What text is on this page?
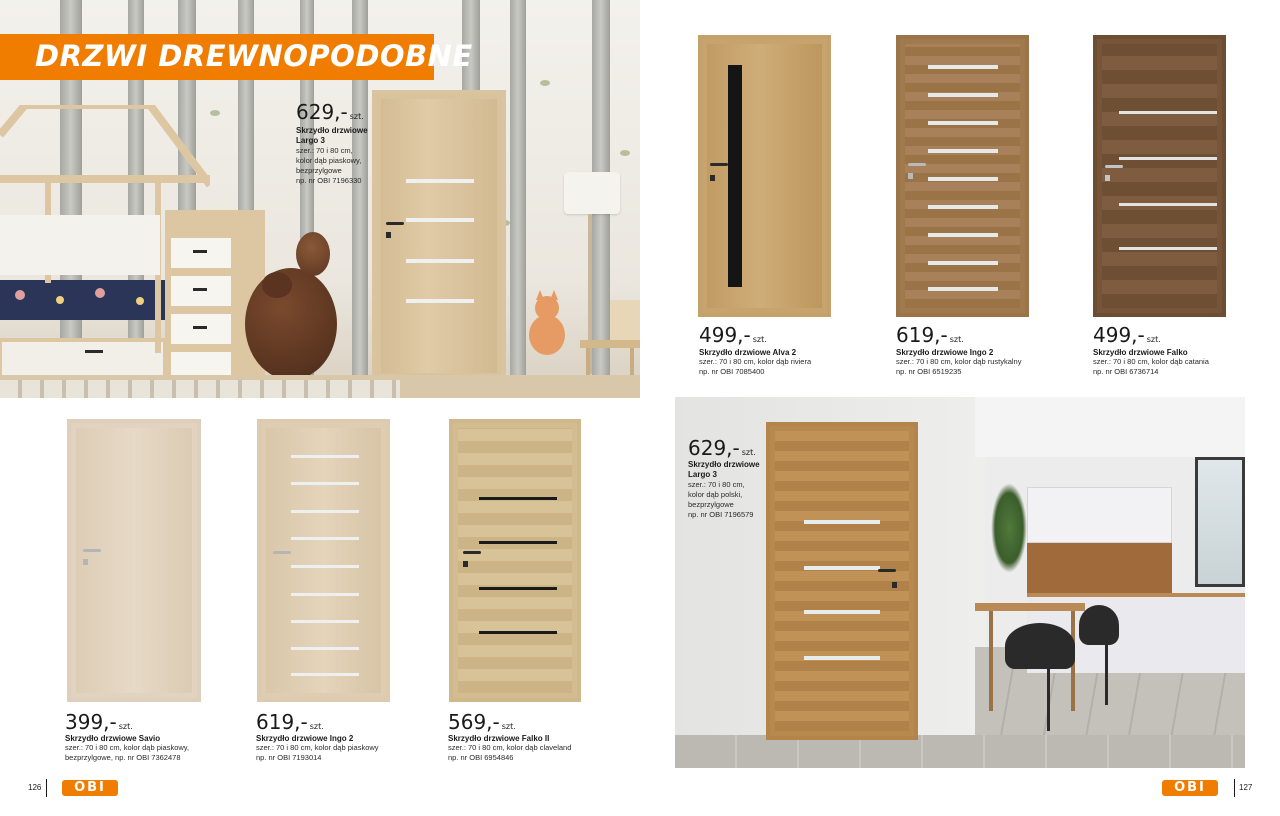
DRZWI DREWNOPODOBNE
629,- szt.
Skrzydło drzwiowe
Largo 3
szer.: 70 i 80 cm,
kolor dąb piaskowy,
bezprzylgowe
np. nr OBI 7196330
499,- szt.
Skrzydło drzwiowe Alva 2
szer.: 70 i 80 cm, kolor dąb riviera
np. nr OBI 7085400
619,- szt.
Skrzydło drzwiowe Ingo 2
szer.: 70 i 80 cm, kolor dąb rustykalny
np. nr OBI 6519235
499,- szt.
Skrzydło drzwiowe Falko
szer.: 70 i 80 cm, kolor dąb catania
np. nr OBI 6736714
399,- szt.
Skrzydło drzwiowe Savio
szer.: 70 i 80 cm, kolor dąb piaskowy,
bezprzylgowe, np. nr OBI 7362478
619,- szt.
Skrzydło drzwiowe Ingo 2
szer.: 70 i 80 cm, kolor dąb piaskowy
np. nr OBI 7193014
569,- szt.
Skrzydło drzwiowe Falko II
szer.: 70 i 80 cm, kolor dąb claveland
np. nr OBI 6954846
629,- szt.
Skrzydło drzwiowe
Largo 3
szer.: 70 i 80 cm,
kolor dąb polski,
bezprzylgowe
np. nr OBI 7196579
126	OBI	OBI	127
